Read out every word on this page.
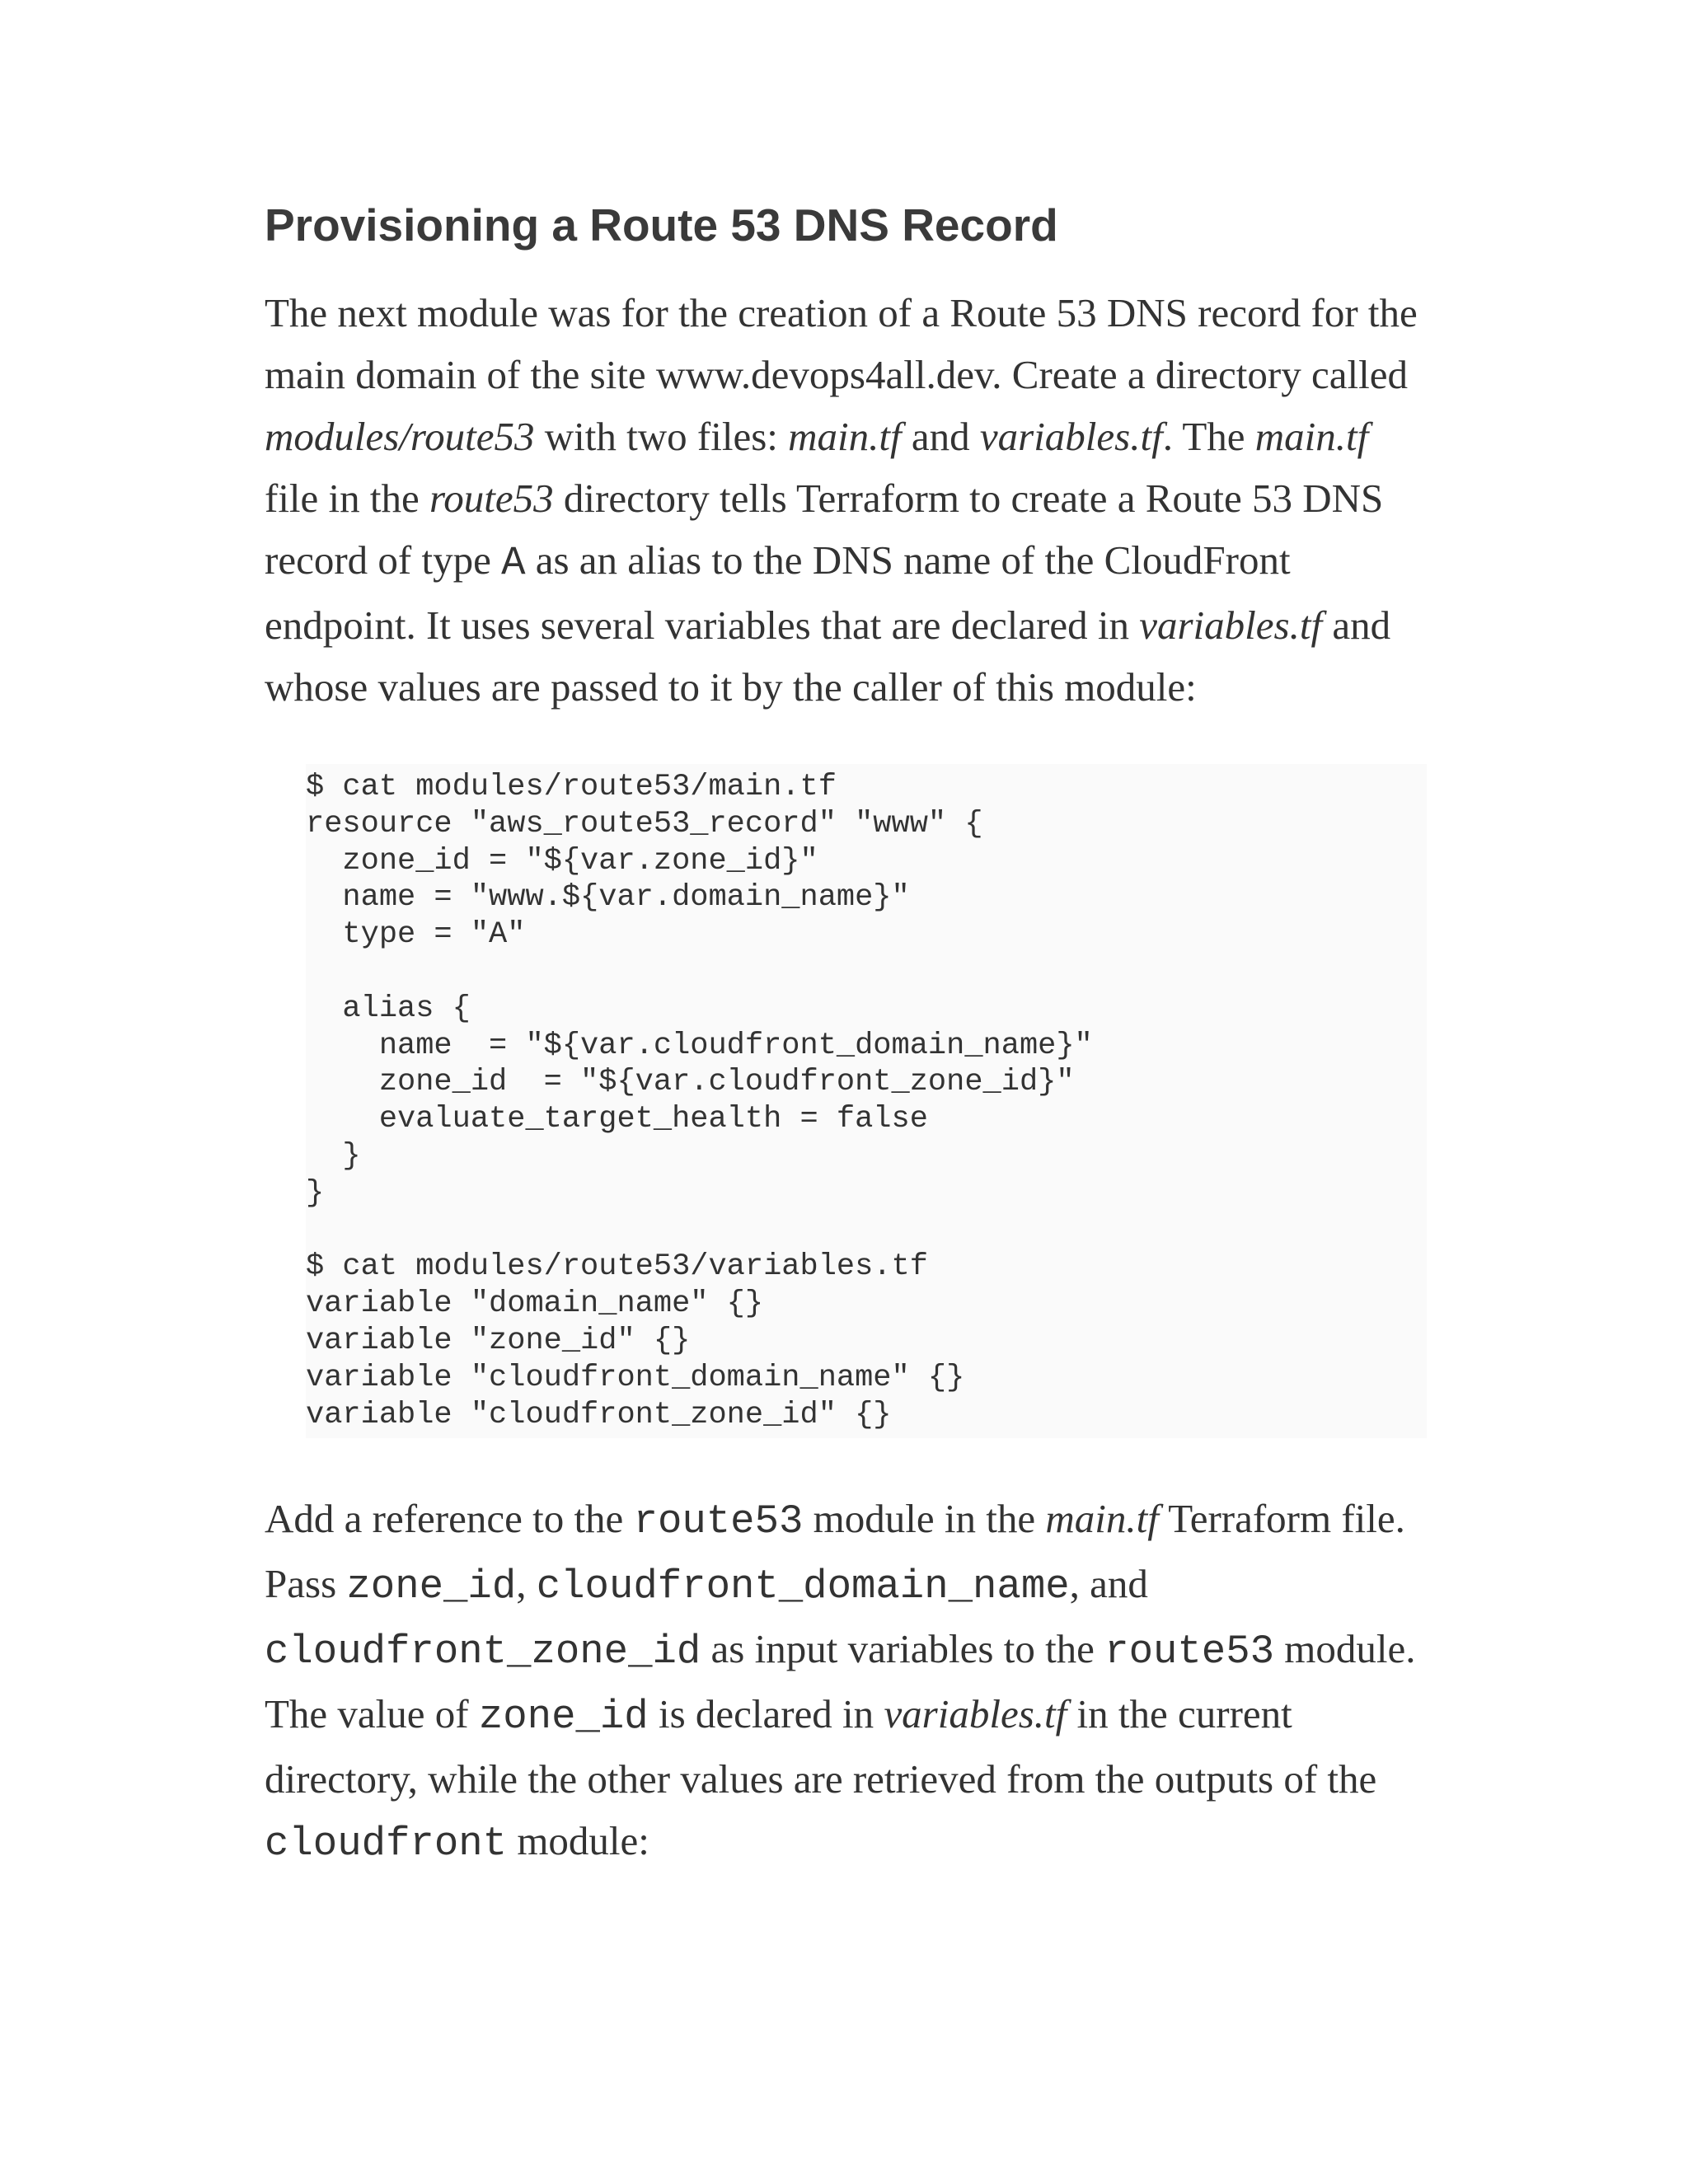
Provisioning a Route 53 DNS Record

The next module was for the creation of a Route 53 DNS record for the main domain of the site www.devops4all.dev. Create a directory called modules/route53 with two files: main.tf and variables.tf. The main.tf file in the route53 directory tells Terraform to create a Route 53 DNS record of type A as an alias to the DNS name of the CloudFront endpoint. It uses several variables that are declared in variables.tf and whose values are passed to it by the caller of this module:

$ cat modules/route53/main.tf
resource "aws_route53_record" "www" {
zone_id = "${var.zone_id}"
name = "www.${var.domain_name}"
type = "A"

alias {
name  = "${var.cloudfront_domain_name}"
zone_id  = "${var.cloudfront_zone_id}"
evaluate_target_health = false
}
}

$ cat modules/route53/variables.tf
variable "domain_name" {}
variable "zone_id" {}
variable "cloudfront_domain_name" {}
variable "cloudfront_zone_id" {}

Add a reference to the route53 module in the main.tf Terraform file. Pass zone_id, cloudfront_domain_name, and cloudfront_zone_id as input variables to the route53 module. The value of zone_id is declared in variables.tf in the current directory, while the other values are retrieved from the outputs of the cloudfront module:
